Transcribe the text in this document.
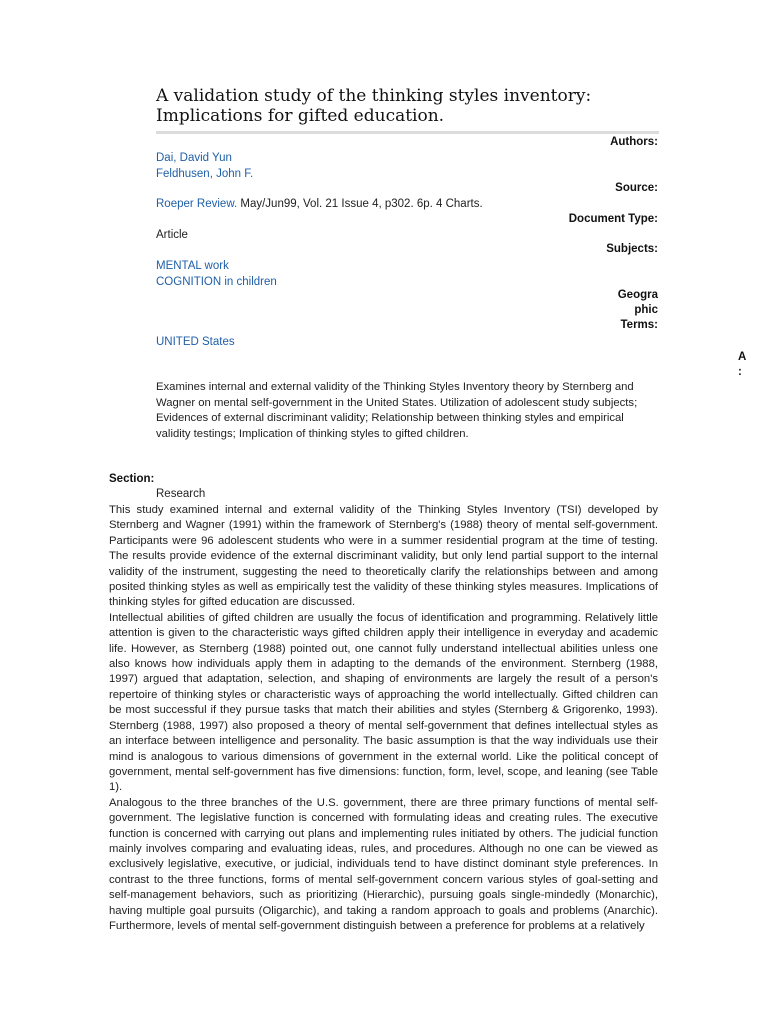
A validation study of the thinking styles inventory:
Implications for gifted education.
Authors:
Dai, David Yun
Feldhusen, John F.
Source:
Roeper Review. May/Jun99, Vol. 21 Issue 4, p302. 6p. 4 Charts.
Document Type:
Article
Subjects:
MENTAL work
COGNITION in children
Geogra
phic
Terms:
UNITED States
A
:
Examines internal and external validity of the Thinking Styles Inventory theory by Sternberg and Wagner on mental self-government in the United States. Utilization of adolescent study subjects; Evidences of external discriminant validity; Relationship between thinking styles and empirical validity testings; Implication of thinking styles to gifted children.
Section:
Research

This study examined internal and external validity of the Thinking Styles Inventory (TSI) developed by Sternberg and Wagner (1991) within the framework of Sternberg's (1988) theory of mental self-government. Participants were 96 adolescent students who were in a summer residential program at the time of testing. The results provide evidence of the external discriminant validity, but only lend partial support to the internal validity of the instrument, suggesting the need to theoretically clarify the relationships between and among posited thinking styles as well as empirically test the validity of these thinking styles measures. Implications of thinking styles for gifted education are discussed.

Intellectual abilities of gifted children are usually the focus of identification and programming. Relatively little attention is given to the characteristic ways gifted children apply their intelligence in everyday and academic life. However, as Sternberg (1988) pointed out, one cannot fully understand intellectual abilities unless one also knows how individuals apply them in adapting to the demands of the environment. Sternberg (1988, 1997) argued that adaptation, selection, and shaping of environments are largely the result of a person's repertoire of thinking styles or characteristic ways of approaching the world intellectually. Gifted children can be most successful if they pursue tasks that match their abilities and styles (Sternberg & Grigorenko, 1993). Sternberg (1988, 1997) also proposed a theory of mental self-government that defines intellectual styles as an interface between intelligence and personality. The basic assumption is that the way individuals use their mind is analogous to various dimensions of government in the external world. Like the political concept of government, mental self-government has five dimensions: function, form, level, scope, and leaning (see Table 1).

Analogous to the three branches of the U.S. government, there are three primary functions of mental self-government. The legislative function is concerned with formulating ideas and creating rules. The executive function is concerned with carrying out plans and implementing rules initiated by others. The judicial function mainly involves comparing and evaluating ideas, rules, and procedures. Although no one can be viewed as exclusively legislative, executive, or judicial, individuals tend to have distinct dominant style preferences. In contrast to the three functions, forms of mental self-government concern various styles of goal-setting and self-management behaviors, such as prioritizing (Hierarchic), pursuing goals single-mindedly (Monarchic), having multiple goal pursuits (Oligarchic), and taking a random approach to goals and problems (Anarchic). Furthermore, levels of mental self-government distinguish between a preference for problems at a relatively
